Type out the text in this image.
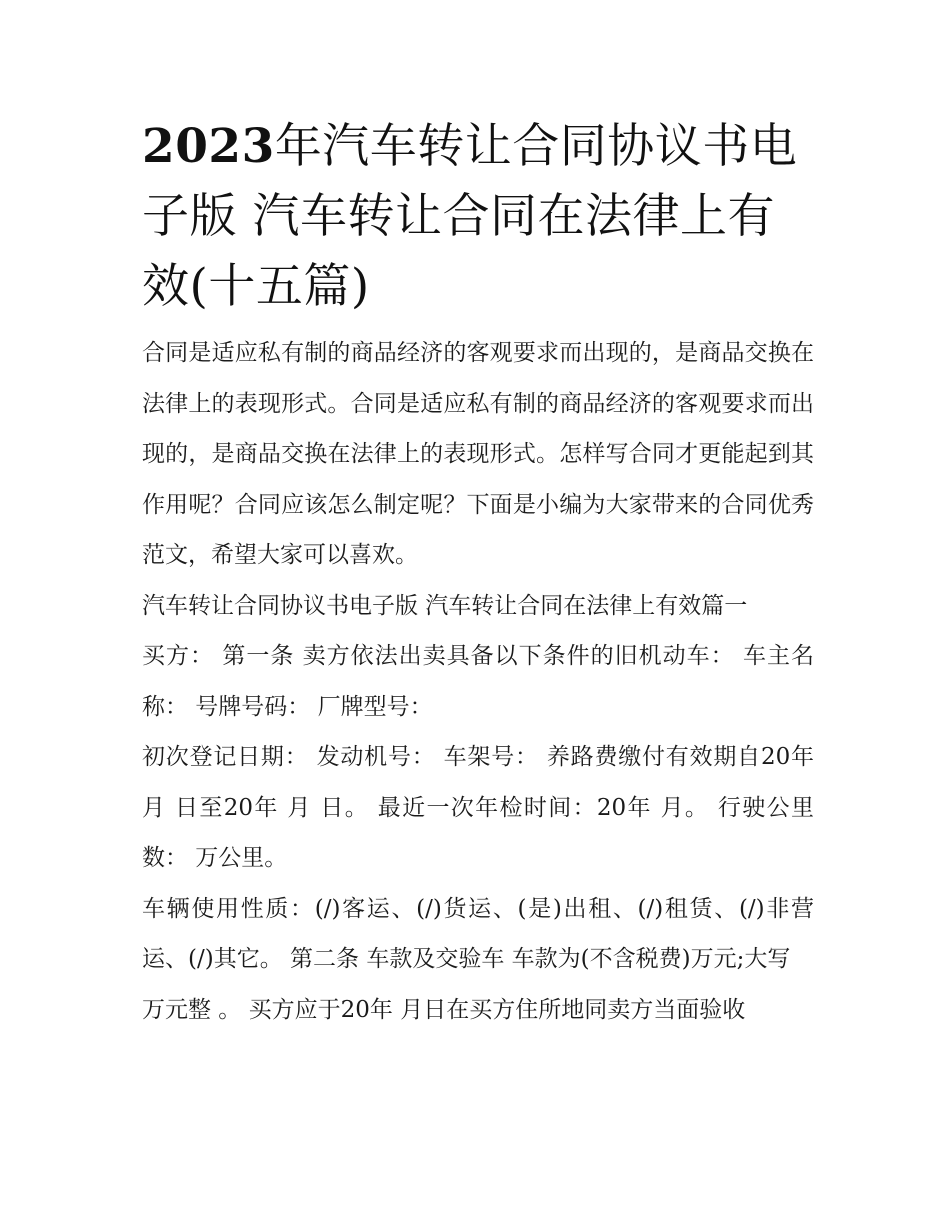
2023年汽车转让合同协议书电子版 汽车转让合同在法律上有效(十五篇)

合同是适应私有制的商品经济的客观要求而出现的，是商品交换在法律上的表现形式。合同是适应私有制的商品经济的客观要求而出现的，是商品交换在法律上的表现形式。怎样写合同才更能起到其作用呢？合同应该怎么制定呢？下面是小编为大家带来的合同优秀范文，希望大家可以喜欢。

汽车转让合同协议书电子版 汽车转让合同在法律上有效篇一

买方： 第一条 卖方依法出卖具备以下条件的旧机动车： 车主名称： 号牌号码： 厂牌型号：

初次登记日期： 发动机号： 车架号： 养路费缴付有效期自20年 月 日至20年 月 日。 最近一次年检时间：20年 月。 行驶公里数： 万公里。

车辆使用性质：(/)客运、(/)货运、(是)出租、(/)租赁、(/)非营运、(/)其它。 第二条 车款及交验车 车款为(不含税费)万元;大写

万元整 。 买方应于20年 月日在买方住所地同卖方当面验收
